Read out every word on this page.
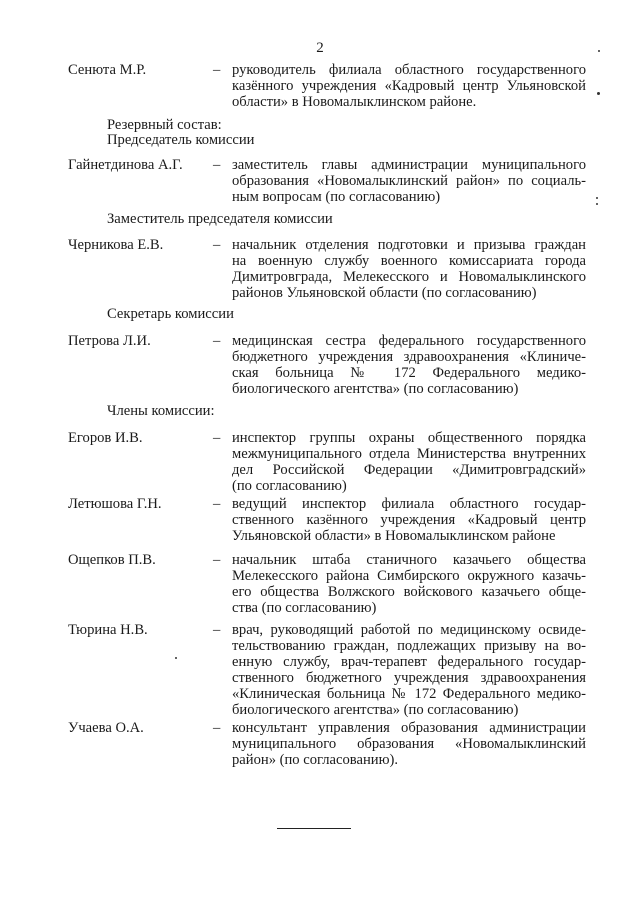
2
Сенюта М.Р.	– руководитель филиала областного государственного
казённого учреждения «Кадровый центр Ульяновской
области» в Новомалыклинском районе.
Резервный состав:
Председатель комиссии
Гайнетдинова А.Г. – заместитель главы администрации муниципального
образования «Новомалыклинский район» по социаль-
ным вопросам (по согласованию)
Заместитель председателя комиссии
Черникова Е.В.	– начальник отделения подготовки и призыва граждан
на военную службу военного комиссариата города
Димитровграда, Мелекесского и Новомалыклинского
районов Ульяновской области (по согласованию)
Секретарь комиссии
Петрова Л.И.	– медицинская сестра федерального государственного
бюджетного учреждения здравоохранения «Клиниче-
ская больница № 172 Федерального медико-
биологического агентства» (по согласованию)
Члены комиссии:
Егоров И.В.	– инспектор группы охраны общественного порядка
межмуниципального отдела Министерства внутренних
дел Российской Федерации «Димитровградский»
(по согласованию)
Летюшова Г.Н.	– ведущий инспектор филиала областного государ-
ственного казённого учреждения «Кадровый центр
Ульяновской области» в Новомалыклинском районе
Ощепков П.В.	– начальник штаба станичного казачьего общества
Мелекесского района Симбирского окружного казачь-
его общества Волжского войскового казачьего обще-
ства (по согласованию)
Тюрина Н.В.	– врач, руководящий работой по медицинскому освиде-
тельствованию граждан, подлежащих призыву на во-
енную службу, врач-терапевт федерального государ-
ственного бюджетного учреждения здравоохранения
«Клиническая больница № 172 Федерального медико-
биологического агентства» (по согласованию)
Учаева О.А.	– консультант управления образования администрации
муниципального образования «Новомалыклинский
район» (по согласованию).
